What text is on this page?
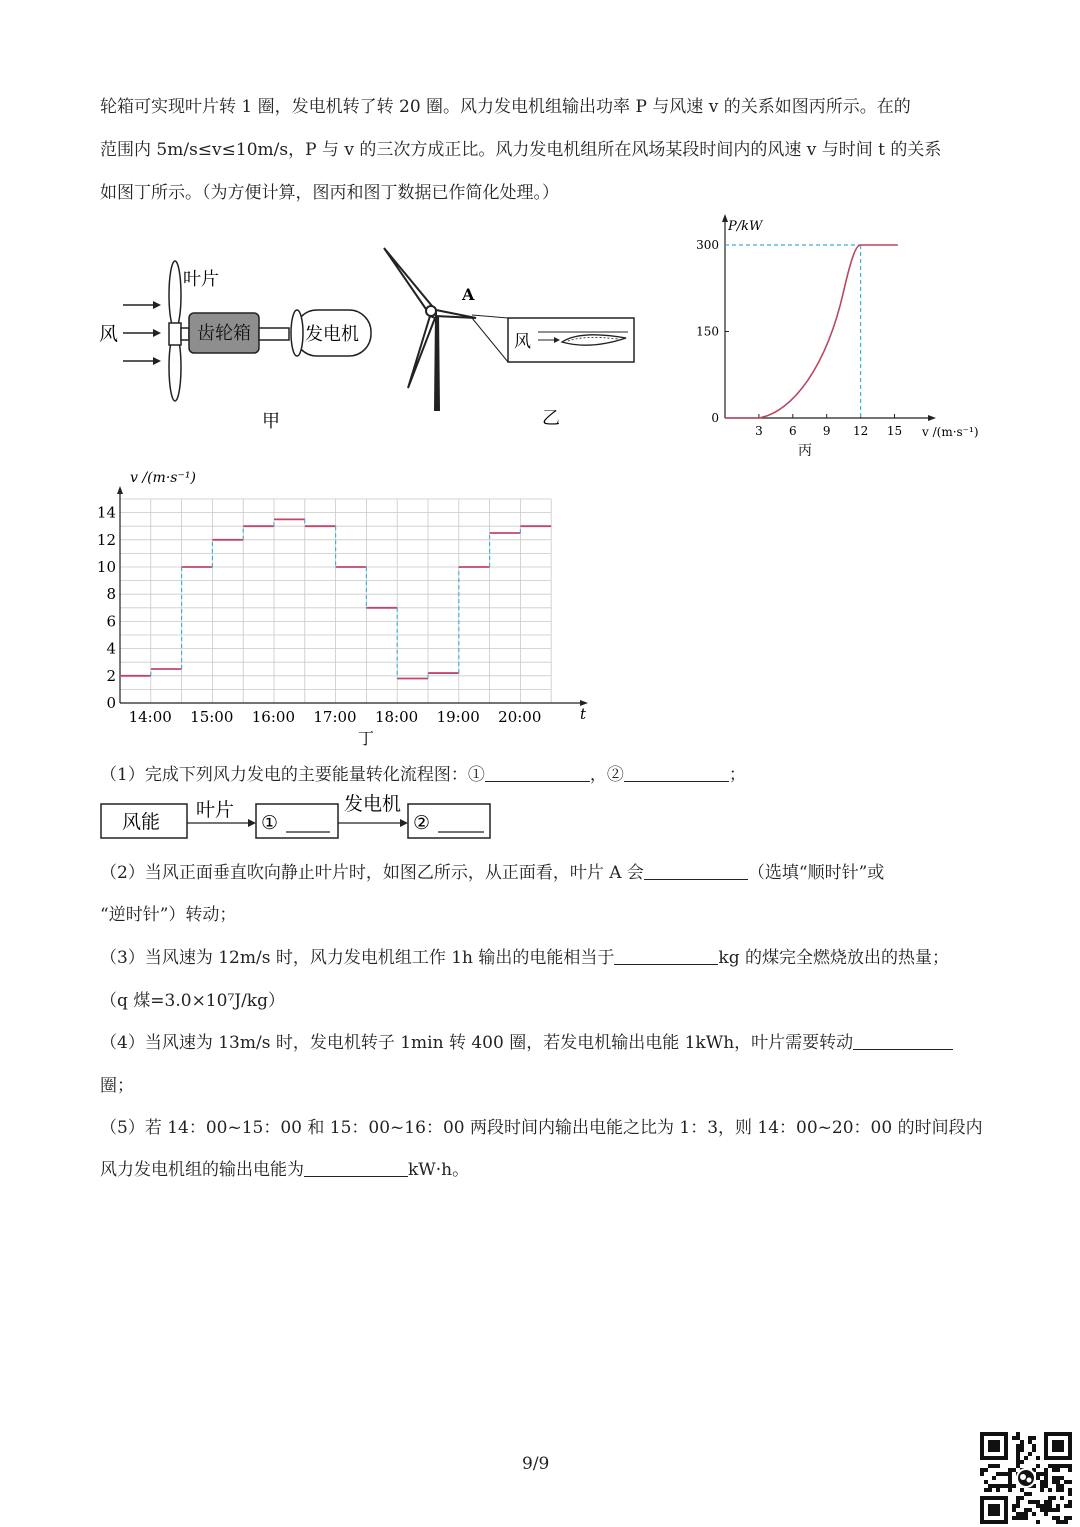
轮箱可实现叶片转 1 圈，发电机转了转 20 圈。风力发电机组输出功率 P 与风速 v 的关系如图丙所示。在的
范围内 5m/s≤v≤10m/s，P 与 v 的三次方成正比。风力发电机组所在风场某段时间内的风速 v 与时间 t 的关系
如图丁所示。（为方便计算，图丙和图丁数据已作简化处理。）
风
叶片
齿轮箱	发电机
甲
A
风
乙
P/kW
v /(m·s⁻¹)
0
150
300
3 6 9 12 15
丙
v /(m·s⁻¹)
t
0
2
4
6
8
10
12
14
14:00 15:00 16:00 17:00 18:00 19:00 20:00
丁
（1）完成下列风力发电的主要能量转化流程图：①	，②	；
风能
叶片
①
发电机
②
（2）当风正面垂直吹向静止叶片时，如图乙所示，从正面看，叶片 A 会	（选填“顺时针”或
“逆时针”）转动；
（3）当风速为 12m/s 时，风力发电机组工作 1h 输出的电能相当于	kg 的煤完全燃烧放出的热量；
（q 煤=3.0×10⁷J/kg）
（4）当风速为 13m/s 时，发电机转子 1min 转 400 圈，若发电机输出电能 1kWh，叶片需要转动
圈；
（5）若 14：00~15：00 和 15：00~16：00 两段时间内输出电能之比为 1：3，则 14：00~20：00 的时间段内
风力发电机组的输出电能为	kW·h。
9/9
